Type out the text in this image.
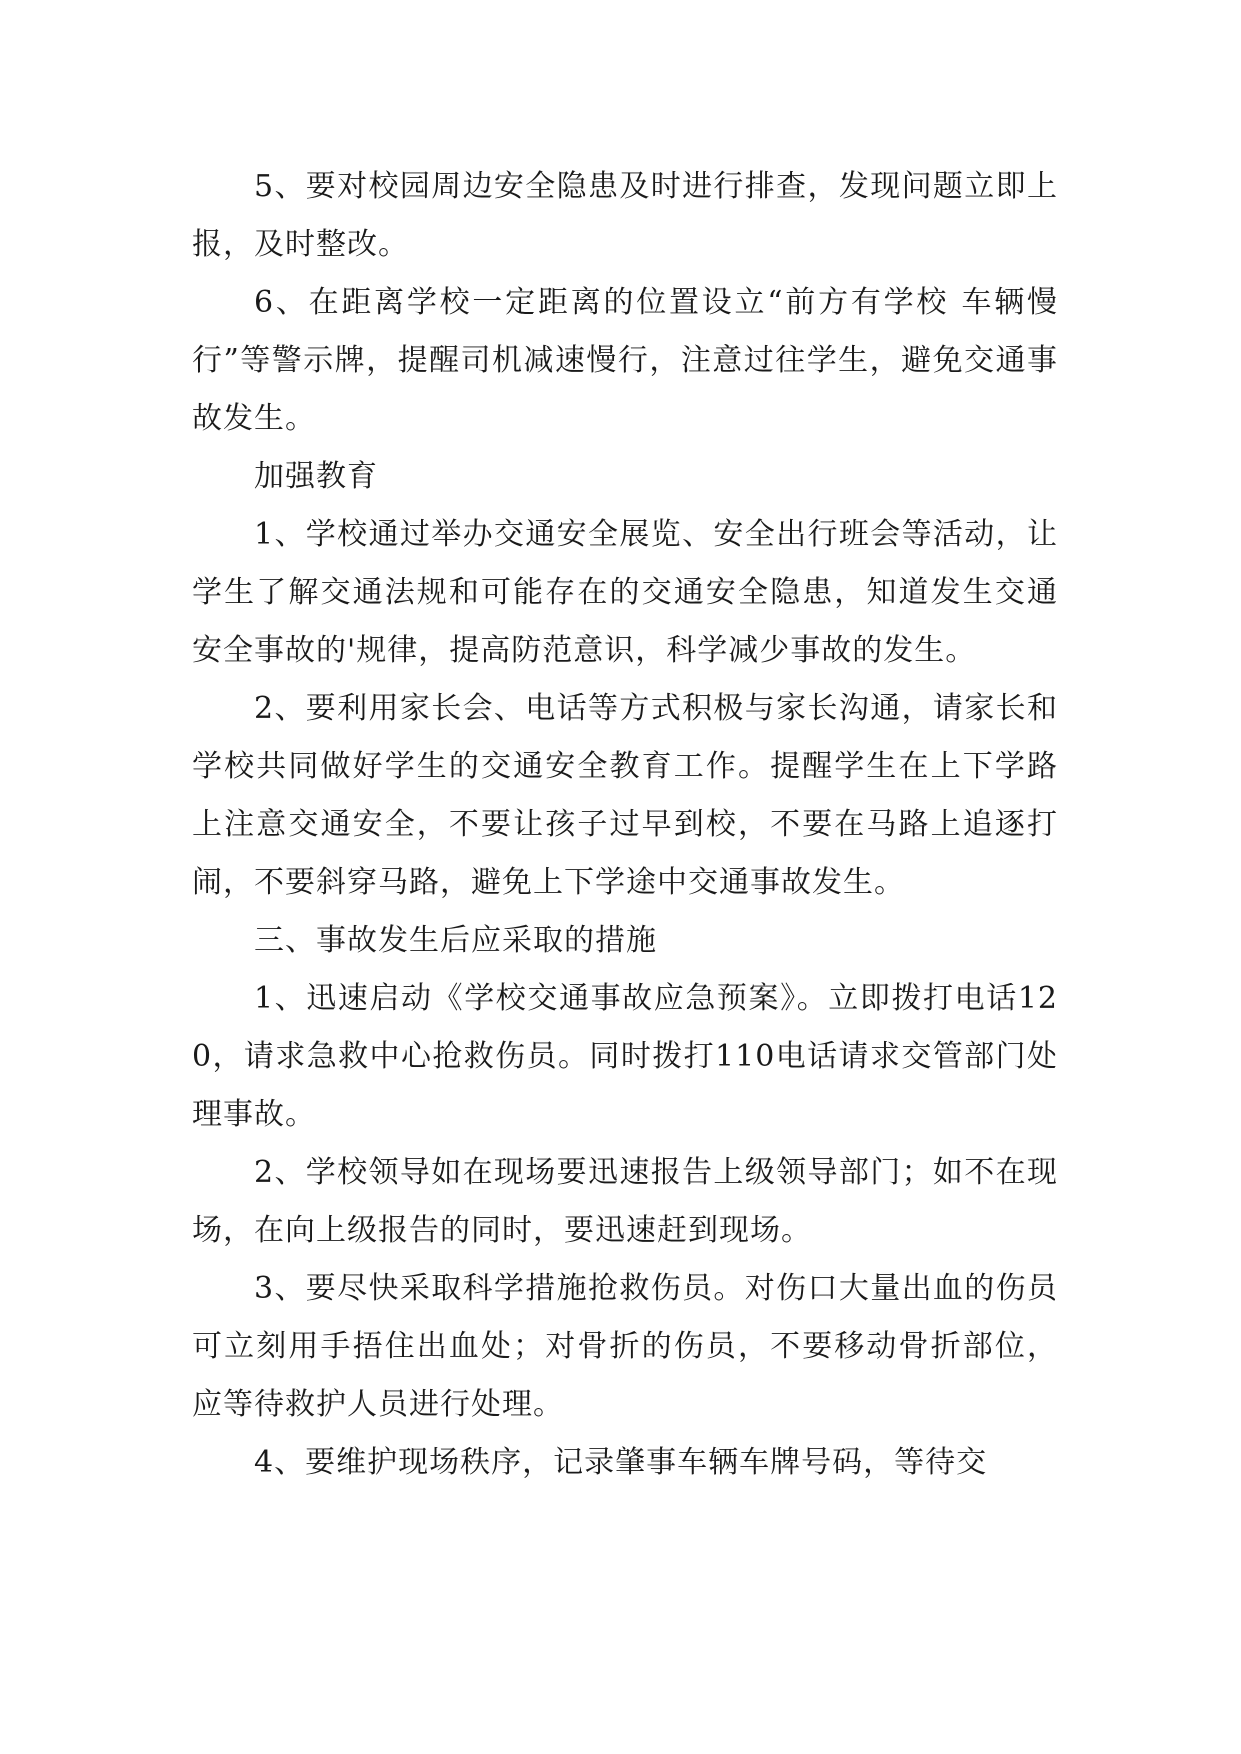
5、要对校园周边安全隐患及时进行排查，发现问题立即上报，及时整改。

6、在距离学校一定距离的位置设立“前方有学校 车辆慢行”等警示牌，提醒司机减速慢行，注意过往学生，避免交通事故发生。

加强教育

1、学校通过举办交通安全展览、安全出行班会等活动，让学生了解交通法规和可能存在的交通安全隐患，知道发生交通安全事故的'规律，提高防范意识，科学减少事故的发生。

2、要利用家长会、电话等方式积极与家长沟通，请家长和学校共同做好学生的交通安全教育工作。提醒学生在上下学路上注意交通安全，不要让孩子过早到校，不要在马路上追逐打闹，不要斜穿马路，避免上下学途中交通事故发生。

三、事故发生后应采取的措施

1、迅速启动《学校交通事故应急预案》。立即拨打电话120，请求急救中心抢救伤员。同时拨打110电话请求交管部门处理事故。

2、学校领导如在现场要迅速报告上级领导部门；如不在现场，在向上级报告的同时，要迅速赶到现场。

3、要尽快采取科学措施抢救伤员。对伤口大量出血的伤员可立刻用手捂住出血处；对骨折的伤员，不要移动骨折部位，应等待救护人员进行处理。

4、要维护现场秩序，记录肇事车辆车牌号码，等待交
